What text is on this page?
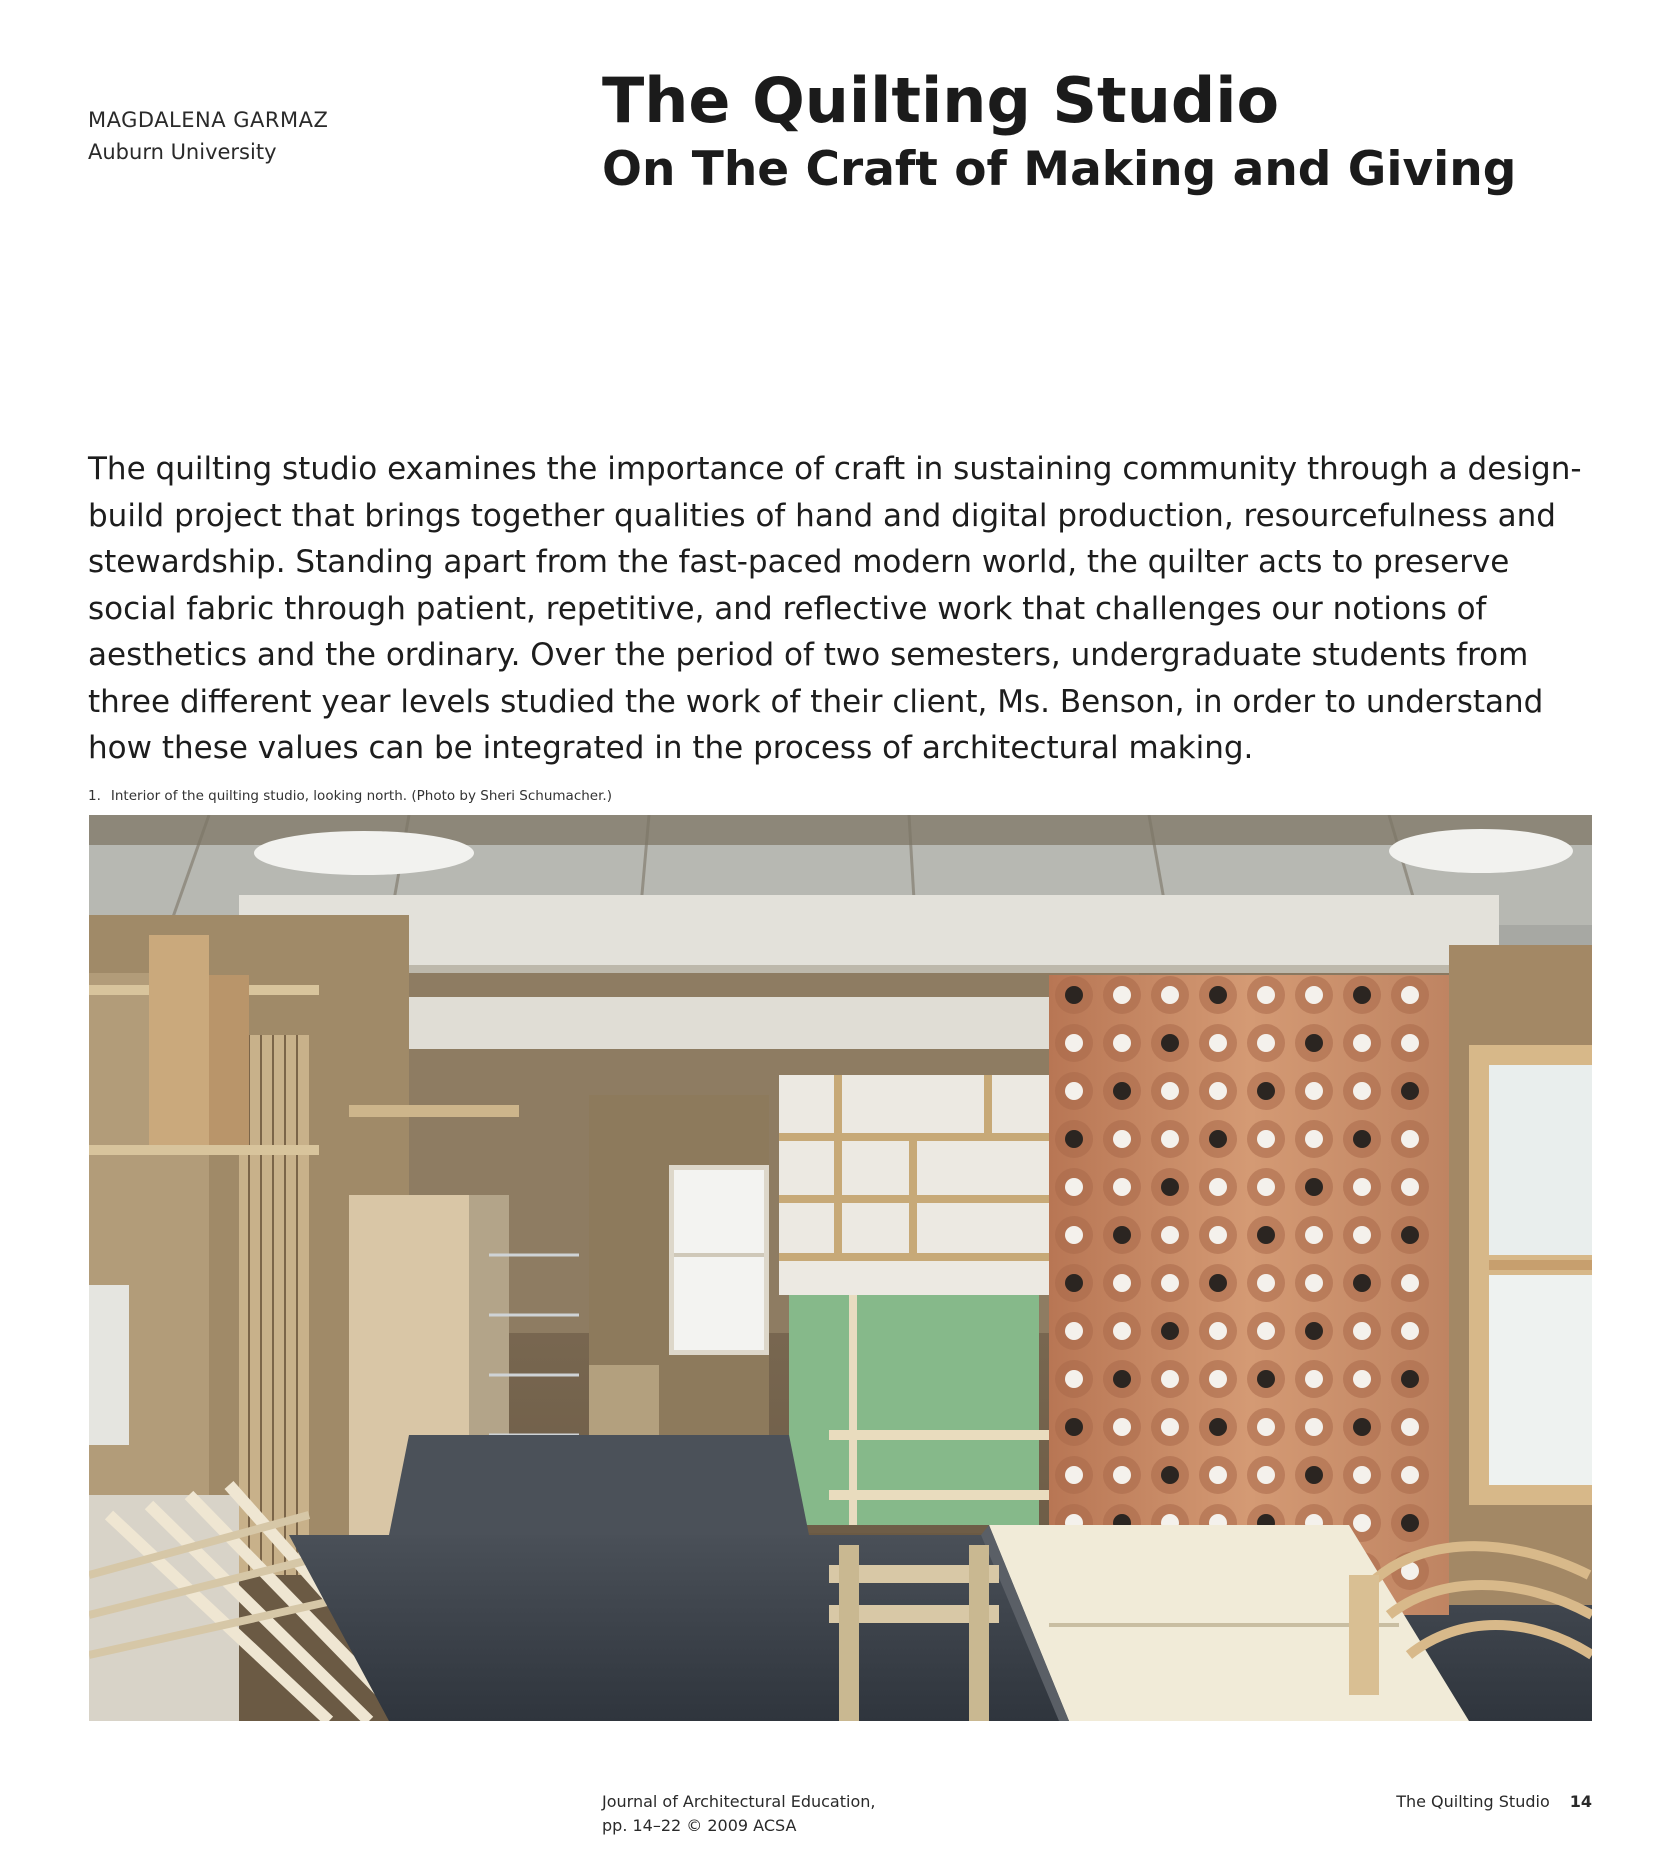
MAGDALENA GARMAZ
Auburn University
The Quilting Studio
On The Craft of Making and Giving

The quilting studio examines the importance of craft in sustaining community through a design-build project that brings together qualities of hand and digital production, resourcefulness and stewardship. Standing apart from the fast-paced modern world, the quilter acts to preserve social fabric through patient, repetitive, and reflective work that challenges our notions of aesthetics and the ordinary. Over the period of two semesters, undergraduate students from three different year levels studied the work of their client, Ms. Benson, in order to understand how these values can be integrated in the process of architectural making.

1. Interior of the quilting studio, looking north. (Photo by Sheri Schumacher.)
Journal of Architectural Education,
pp. 14–22 © 2009 ACSA
The Quilting Studio 14
